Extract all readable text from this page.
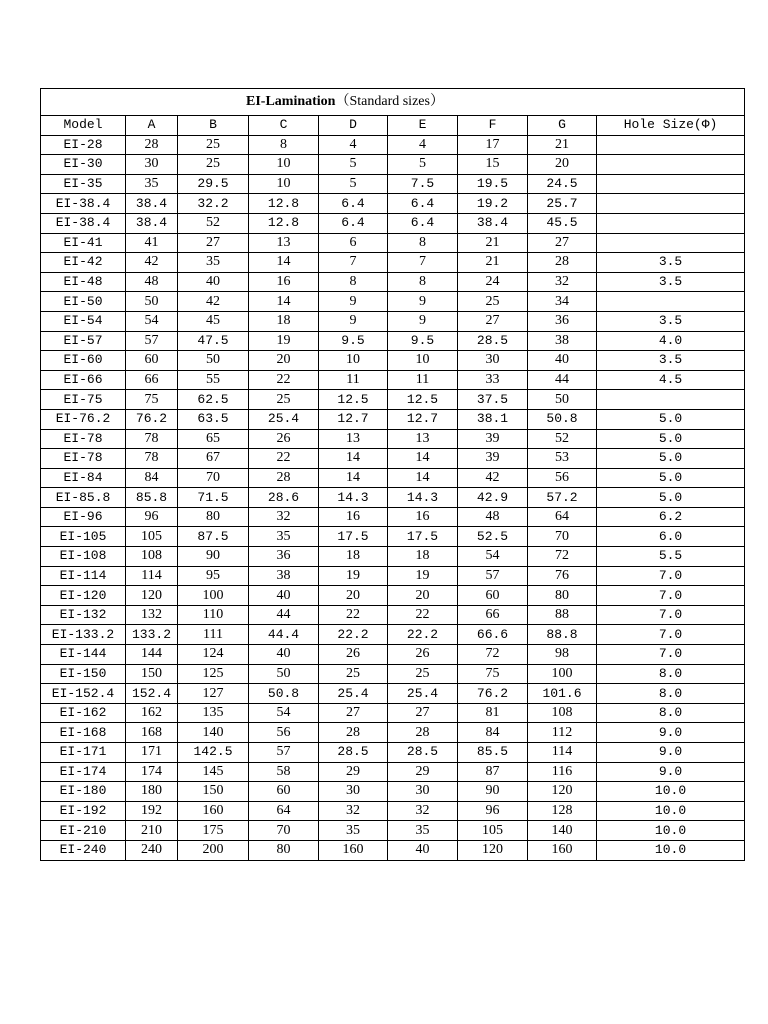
EI-Lamination（Standard sizes）								
Model	A	B	C	D	E	F	G	Hole Size(Φ)
EI-28	28	25	8	4	4	17	21	
EI-30	30	25	10	5	5	15	20	
EI-35	35	29.5	10	5	7.5	19.5	24.5	
EI-38.4	38.4	32.2	12.8	6.4	6.4	19.2	25.7	
EI-38.4	38.4	52	12.8	6.4	6.4	38.4	45.5	
EI-41	41	27	13	6	8	21	27	
EI-42	42	35	14	7	7	21	28	3.5
EI-48	48	40	16	8	8	24	32	3.5
EI-50	50	42	14	9	9	25	34	
EI-54	54	45	18	9	9	27	36	3.5
EI-57	57	47.5	19	9.5	9.5	28.5	38	4.0
EI-60	60	50	20	10	10	30	40	3.5
EI-66	66	55	22	11	11	33	44	4.5
EI-75	75	62.5	25	12.5	12.5	37.5	50	
EI-76.2	76.2	63.5	25.4	12.7	12.7	38.1	50.8	5.0
EI-78	78	65	26	13	13	39	52	5.0
EI-78	78	67	22	14	14	39	53	5.0
EI-84	84	70	28	14	14	42	56	5.0
EI-85.8	85.8	71.5	28.6	14.3	14.3	42.9	57.2	5.0
EI-96	96	80	32	16	16	48	64	6.2
EI-105	105	87.5	35	17.5	17.5	52.5	70	6.0
EI-108	108	90	36	18	18	54	72	5.5
EI-114	114	95	38	19	19	57	76	7.0
EI-120	120	100	40	20	20	60	80	7.0
EI-132	132	110	44	22	22	66	88	7.0
EI-133.2	133.2	111	44.4	22.2	22.2	66.6	88.8	7.0
EI-144	144	124	40	26	26	72	98	7.0
EI-150	150	125	50	25	25	75	100	8.0
EI-152.4	152.4	127	50.8	25.4	25.4	76.2	101.6	8.0
EI-162	162	135	54	27	27	81	108	8.0
EI-168	168	140	56	28	28	84	112	9.0
EI-171	171	142.5	57	28.5	28.5	85.5	114	9.0
EI-174	174	145	58	29	29	87	116	9.0
EI-180	180	150	60	30	30	90	120	10.0
EI-192	192	160	64	32	32	96	128	10.0
EI-210	210	175	70	35	35	105	140	10.0
EI-240	240	200	80	160	40	120	160	10.0
